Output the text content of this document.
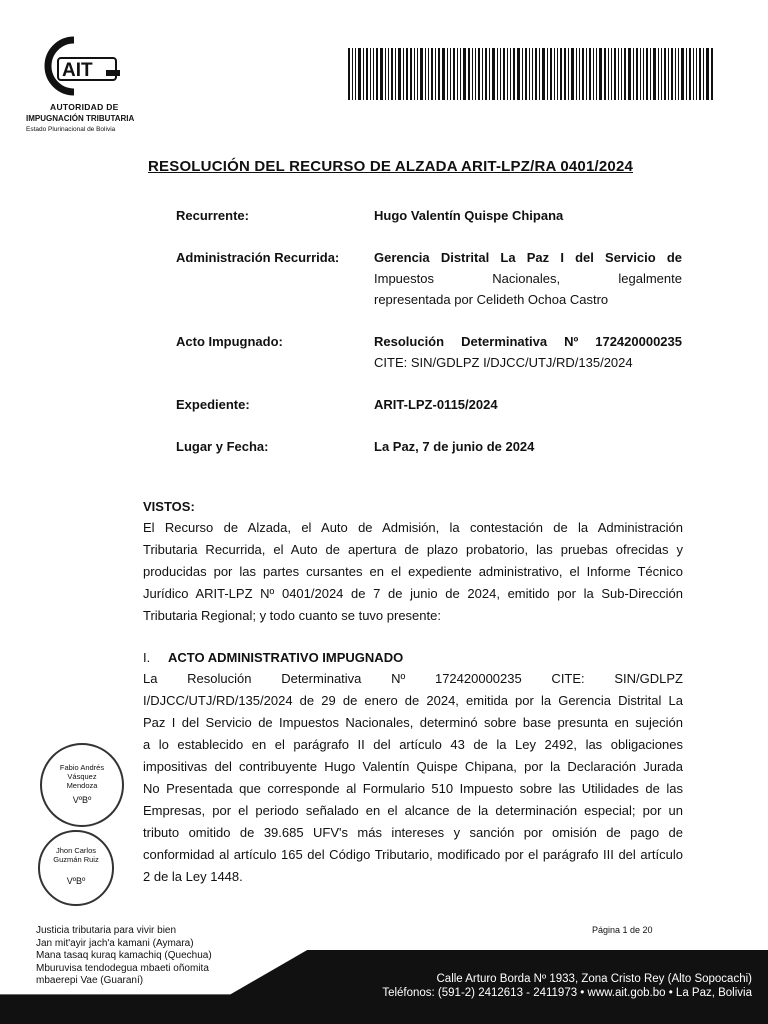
AIT
AUTORIDAD DE
IMPUGNACIÓN TRIBUTARIA
Estado Plurinacional de Bolivia
RESOLUCIÓN DEL RECURSO DE ALZADA ARIT-LPZ/RA 0401/2024
Recurrente:	Hugo Valentín Quispe Chipana
Administración Recurrida:	Gerencia Distrital La Paz I del Servicio de
Impuestos Nacionales, legalmente
representada por Celideth Ochoa Castro
Acto Impugnado:	Resolución Determinativa Nº 172420000235
CITE: SIN/GDLPZ I/DJCC/UTJ/RD/135/2024
Expediente:	ARIT-LPZ-0115/2024
Lugar y Fecha:	La Paz, 7 de junio de 2024
VISTOS:
El Recurso de Alzada, el Auto de Admisión, la contestación de la Administración
Tributaria Recurrida, el Auto de apertura de plazo probatorio, las pruebas ofrecidas y
producidas por las partes cursantes en el expediente administrativo, el Informe Técnico
Jurídico ARIT-LPZ Nº 0401/2024 de 7 de junio de 2024, emitido por la Sub-Dirección
Tributaria Regional; y todo cuanto se tuvo presente:
I. ACTO ADMINISTRATIVO IMPUGNADO
La Resolución Determinativa Nº 172420000235 CITE: SIN/GDLPZ
I/DJCC/UTJ/RD/135/2024 de 29 de enero de 2024, emitida por la Gerencia Distrital La
Paz I del Servicio de Impuestos Nacionales, determinó sobre base presunta en sujeción
a lo establecido en el parágrafo II del artículo 43 de la Ley 2492, las obligaciones
impositivas del contribuyente Hugo Valentín Quispe Chipana, por la Declaración Jurada
No Presentada que corresponde al Formulario 510 Impuesto sobre las Utilidades de las
Empresas, por el periodo señalado en el alcance de la determinación especial; por un
tributo omitido de 39.685 UFV's más intereses y sanción por omisión de pago de
conformidad al artículo 165 del Código Tributario, modificado por el parágrafo III del artículo
2 de la Ley 1448.
Fabio Andrés Vásquez Mendoza
VºBº
Jhon Carlos Guzmán Ruiz
VºBº
Justicia tributaria para vivir bien
Jan mit'ayir jach'a kamani (Aymara)
Mana tasaq kuraq kamachiq (Quechua)
Mburuvisa tendodegua mbaeti oñomita
mbaerepi Vae (Guaraní)
Página 1 de 20
Calle Arturo Borda Nº 1933, Zona Cristo Rey (Alto Sopocachi)
Teléfonos: (591-2) 2412613 - 2411973 • www.ait.gob.bo • La Paz, Bolivia
